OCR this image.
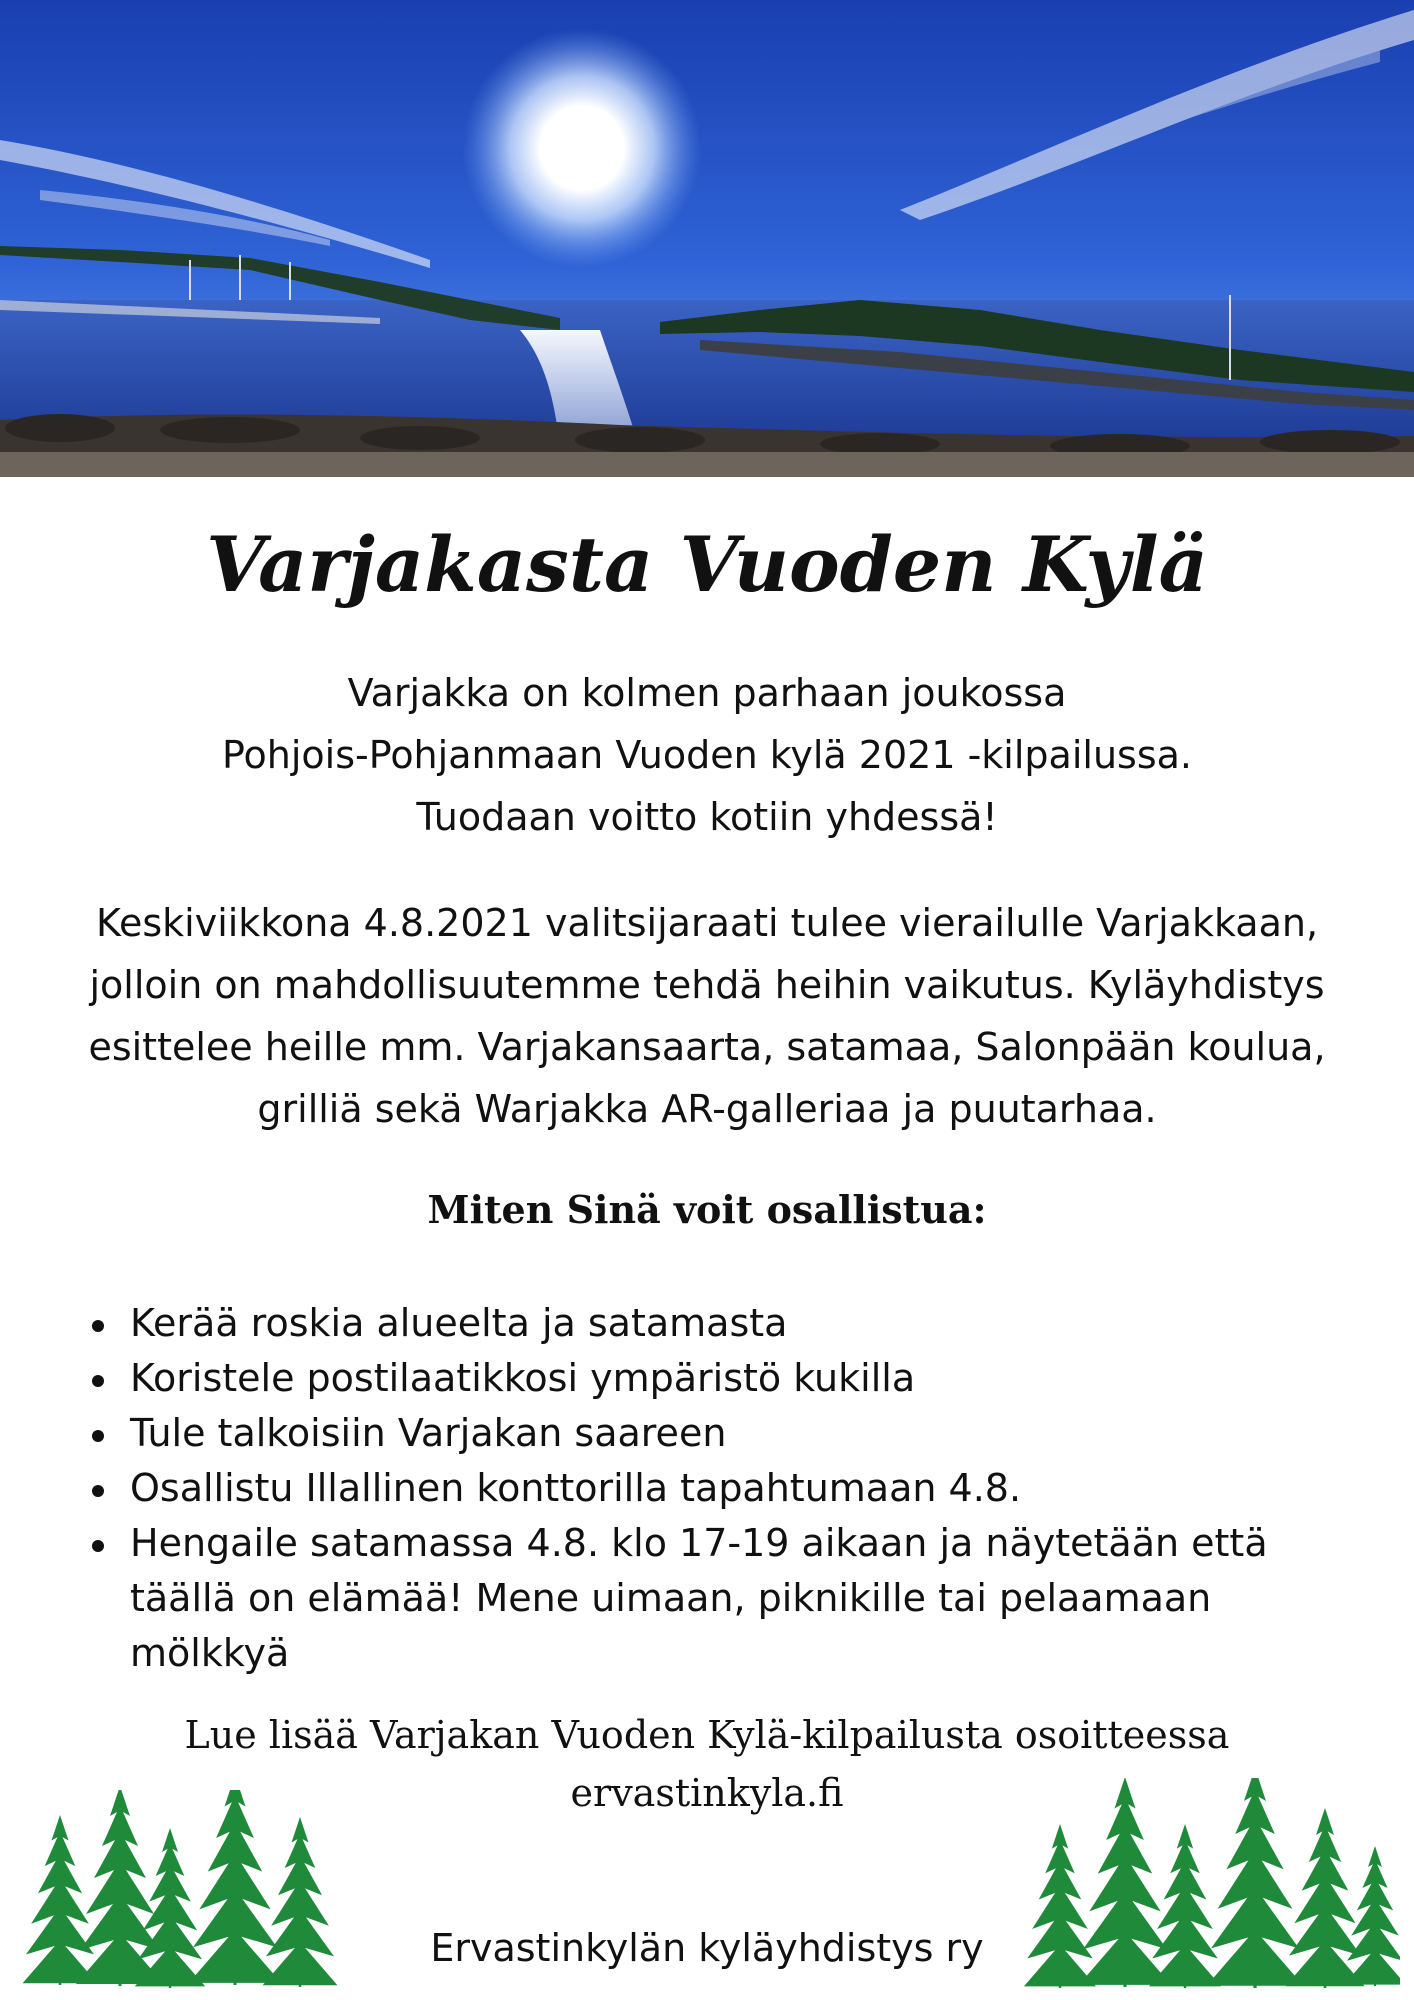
Varjakasta Vuoden Kylä

Varjakka on kolmen parhaan joukossa
Pohjois-Pohjanmaan Vuoden kylä 2021 -kilpailussa.
Tuodaan voitto kotiin yhdessä!

Keskiviikkona 4.8.2021 valitsijaraati tulee vierailulle Varjakkaan,
jolloin on mahdollisuutemme tehdä heihin vaikutus. Kyläyhdistys
esittelee heille mm. Varjakansaarta, satamaa, Salonpään koulua,
grilliä sekä Warjakka AR-galleriaa ja puutarhaa.

Miten Sinä voit osallistua:
Kerää roskia alueelta ja satamasta
Koristele postilaatikkosi ympäristö kukilla
Tule talkoisiin Varjakan saareen
Osallistu Illallinen konttorilla tapahtumaan 4.8.
Hengaile satamassa 4.8. klo 17-19 aikaan ja näytetään että täällä on elämää! Mene uimaan, piknikille tai pelaamaan mölkkyä

Lue lisää Varjakan Vuoden Kylä-kilpailusta osoitteessa
ervastinkyla.fi

Ervastinkylän kyläyhdistys ry
